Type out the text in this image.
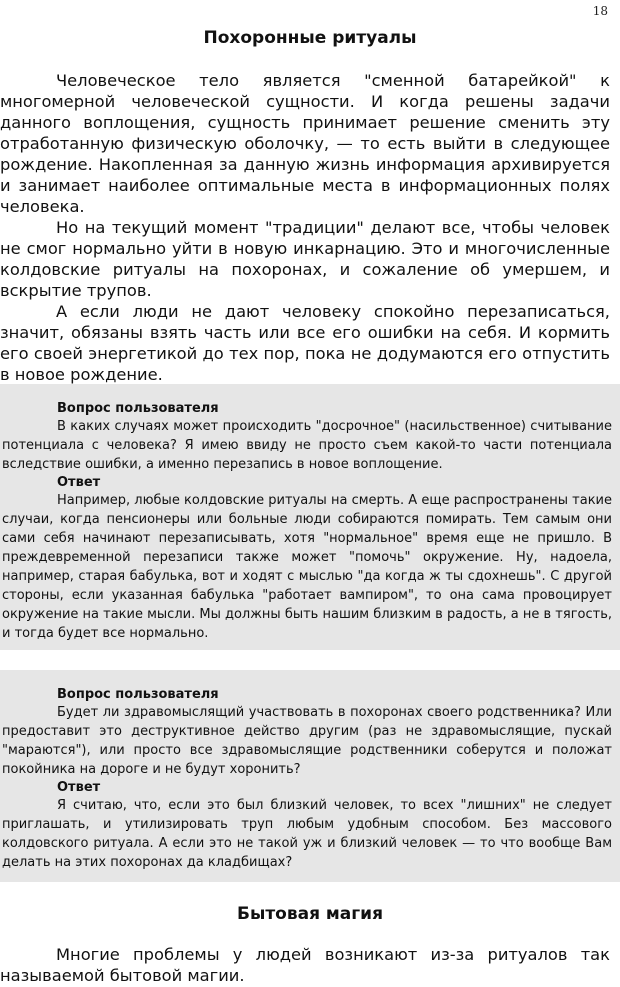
18
Похоронные ритуалы

Человеческое тело является "сменной батарейкой" к многомерной человеческой сущности. И когда решены задачи данного воплощения, сущность принимает решение сменить эту отработанную физическую оболочку, — то есть выйти в следующее рождение. Накопленная за данную жизнь информация архивируется и занимает наиболее оптимальные места в информационных полях человека.

Но на текущий момент "традиции" делают все, чтобы человек не смог нормально уйти в новую инкарнацию. Это и многочисленные колдовские ритуалы на похоронах, и сожаление об умершем, и вскрытие трупов.

А если люди не дают человеку спокойно перезаписаться, значит, обязаны взять часть или все его ошибки на себя. И кормить его своей энергетикой до тех пор, пока не додумаются его отпустить в новое рождение.

Вопрос пользователя

В каких случаях может происходить "досрочное" (насильственное) считывание потенциала с человека? Я имею ввиду не просто съем какой-то части потенциала вследствие ошибки, а именно перезапись в новое воплощение.

Ответ

Например, любые колдовские ритуалы на смерть. А еще распространены такие случаи, когда пенсионеры или больные люди собираются помирать. Тем самым они сами себя начинают перезаписывать, хотя "нормальное" время еще не пришло. В преждевременной перезаписи также может "помочь" окружение. Ну, надоела, например, старая бабулька, вот и ходят с мыслью "да когда ж ты сдохнешь". С другой стороны, если указанная бабулька "работает вампиром", то она сама провоцирует окружение на такие мысли. Мы должны быть нашим близким в радость, а не в тягость, и тогда будет все нормально.

Вопрос пользователя

Будет ли здравомыслящий участвовать в похоронах своего родственника? Или предоставит это деструктивное действо другим (раз не здравомыслящие, пускай "мараются"), или просто все здравомыслящие родственники соберутся и положат покойника на дороге и не будут хоронить?

Ответ

Я считаю, что, если это был близкий человек, то всех "лишних" не следует приглашать, и утилизировать труп любым удобным способом. Без массового колдовского ритуала. А если это не такой уж и близкий человек — то что вообще Вам делать на этих похоронах да кладбищах?

Бытовая магия

Многие проблемы у людей возникают из-за ритуалов так называемой бытовой магии.
